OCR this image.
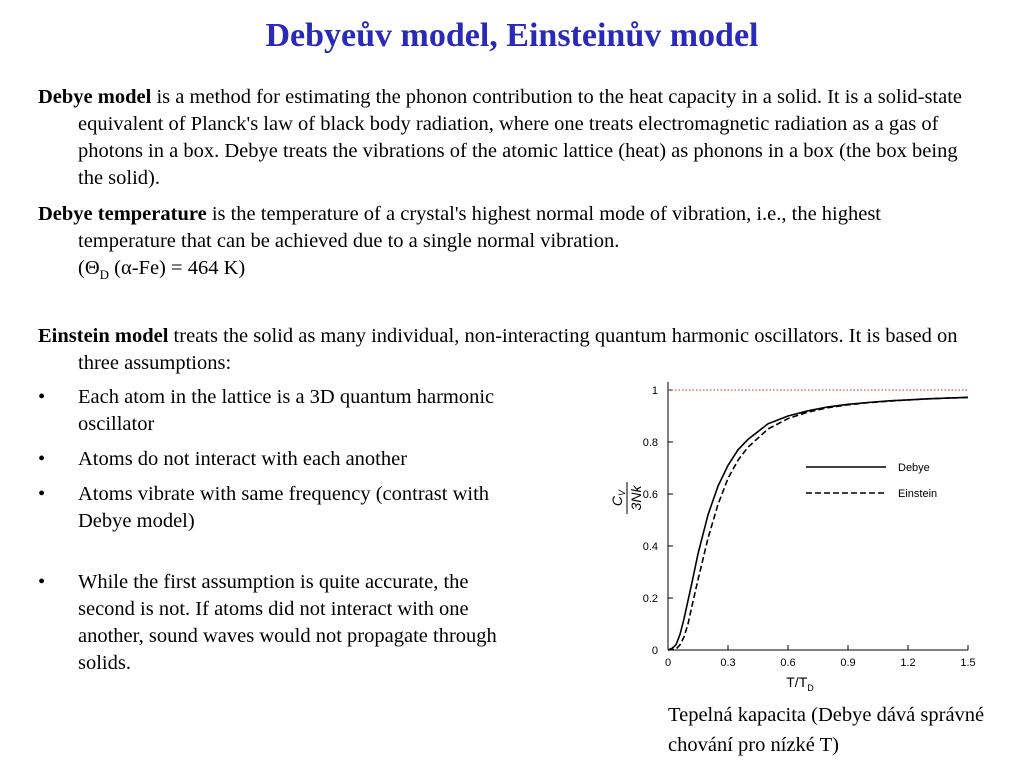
Debyeův model, Einsteinův model
Debye model is a method for estimating the phonon contribution to the heat capacity in a solid. It is a solid-state equivalent of Planck's law of black body radiation, where one treats electromagnetic radiation as a gas of photons in a box. Debye treats the vibrations of the atomic lattice (heat) as phonons in a box (the box being the solid).
Debye temperature is the temperature of a crystal's highest normal mode of vibration, i.e., the highest temperature that can be achieved due to a single normal vibration.
($\Theta_D$ (α-Fe) = 464 K)
Einstein model treats the solid as many individual, non-interacting quantum harmonic oscillators. It is based on three assumptions:
• Each atom in the lattice is a 3D quantum harmonic oscillator
• Atoms do not interact with each another
• Atoms vibrate with same frequency (contrast with Debye model)
• While the first assumption is quite accurate, the second is not. If atoms did not interact with one another, sound waves would not propagate through solids.
0
0.2
0.4
0.6
0.8
1
0	0.3	0.6	0.9	1.2	1.5
Debye
Einstein
$T/T_D$
$C_V$ 3Nk
Tepelná kapacita (Debye dává správné chování pro nízké T)
